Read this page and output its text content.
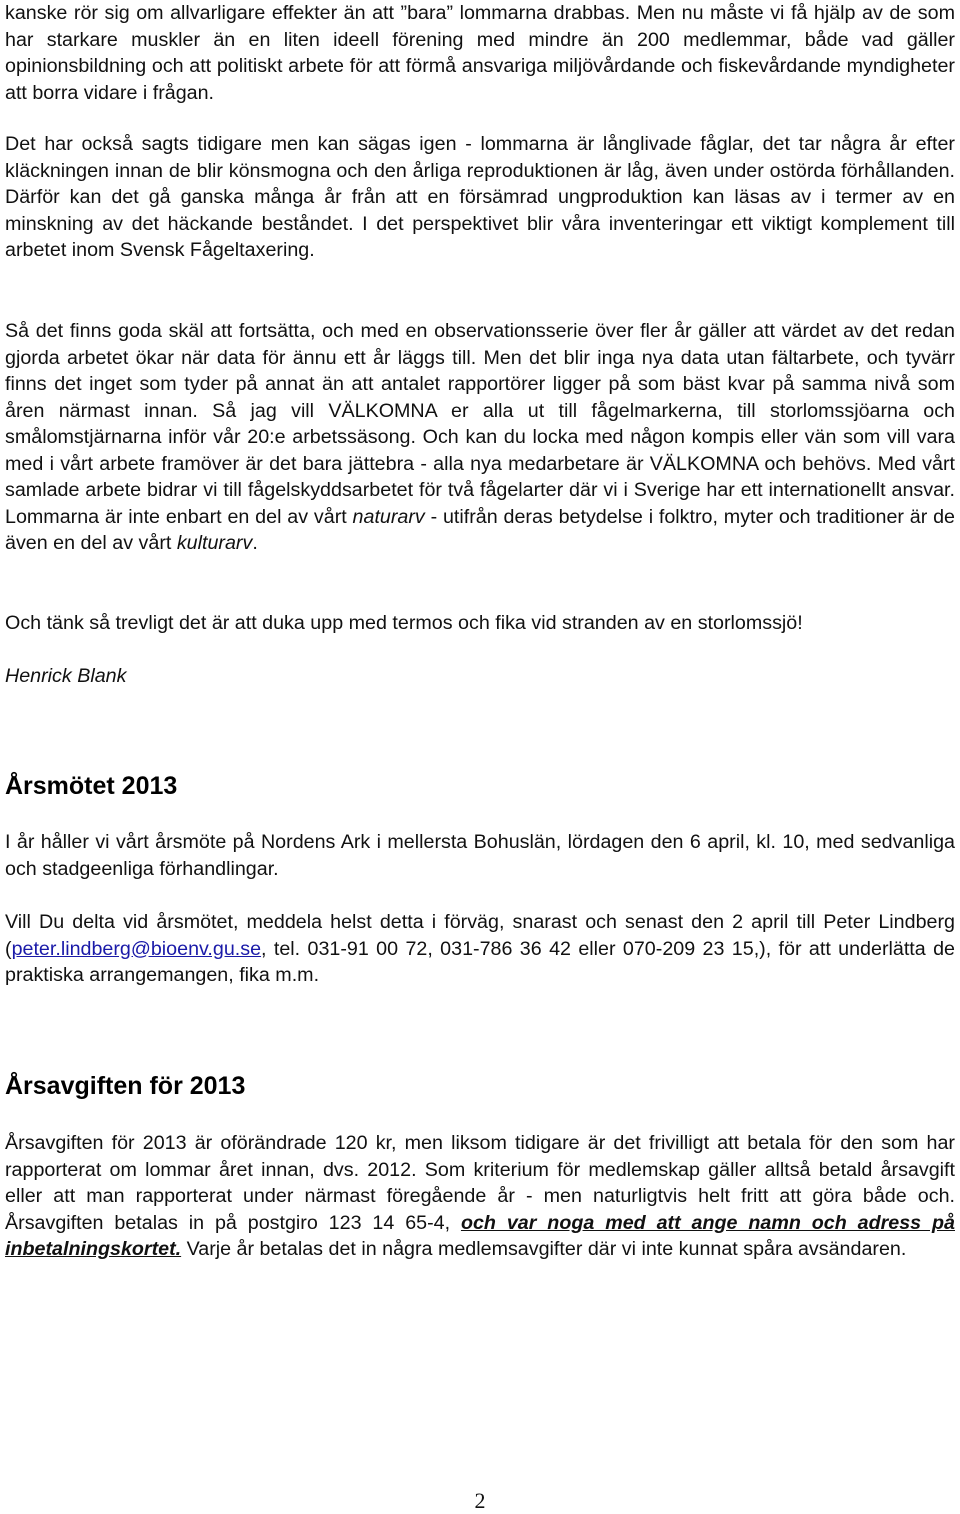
kanske rör sig om allvarligare effekter än att ”bara” lommarna drabbas. Men nu måste vi få hjälp av de som har starkare muskler än en liten ideell förening med mindre än 200 medlemmar, både vad gäller opinionsbildning och att politiskt arbete för att förmå ansvariga miljövårdande och fiskevårdande myndigheter att borra vidare i frågan.

Det har också sagts tidigare men kan sägas igen - lommarna är långlivade fåglar, det tar några år efter kläckningen innan de blir könsmogna och den årliga reproduktionen är låg, även under ostörda förhållanden. Därför kan det gå ganska många år från att en försämrad ungproduktion kan läsas av i termer av en minskning av det häckande beståndet. I det perspektivet blir våra inventeringar ett viktigt komplement till arbetet inom Svensk Fågeltaxering.

Så det finns goda skäl att fortsätta, och med en observationsserie över fler år gäller att värdet av det redan gjorda arbetet ökar när data för ännu ett år läggs till. Men det blir inga nya data utan fältarbete, och tyvärr finns det inget som tyder på annat än att antalet rapportörer ligger på som bäst kvar på samma nivå som åren närmast innan. Så jag vill VÄLKOMNA er alla ut till fågelmarkerna, till storlomssjöarna och smålomstjärnarna inför vår 20:e arbetssäsong. Och kan du locka med någon kompis eller vän som vill vara med i vårt arbete framöver är det bara jättebra - alla nya medarbetare är VÄLKOMNA och behövs. Med vårt samlade arbete bidrar vi till fågelskyddsarbetet för två fågelarter där vi i Sverige har ett internationellt ansvar. Lommarna är inte enbart en del av vårt naturarv - utifrån deras betydelse i folktro, myter och traditioner är de även en del av vårt kulturarv.

Och tänk så trevligt det är att duka upp med termos och fika vid stranden av en storlomssjö!

Henrick Blank

Årsmötet 2013

I år håller vi vårt årsmöte på Nordens Ark i mellersta Bohuslän, lördagen den 6 april, kl. 10, med sedvanliga och stadgeenliga förhandlingar.

Vill Du delta vid årsmötet, meddela helst detta i förväg, snarast och senast den 2 april till Peter Lindberg (peter.lindberg@bioenv.gu.se, tel. 031-91 00 72, 031-786 36 42 eller 070-209 23 15,), för att underlätta de praktiska arrangemangen, fika m.m.

Årsavgiften för 2013

Årsavgiften för 2013 är oförändrade 120 kr, men liksom tidigare är det frivilligt att betala för den som har rapporterat om lommar året innan, dvs. 2012. Som kriterium för medlemskap gäller alltså betald årsavgift eller att man rapporterat under närmast föregående år - men naturligtvis helt fritt att göra både och. Årsavgiften betalas in på postgiro 123 14 65-4, och var noga med att ange namn och adress på inbetalningskortet. Varje år betalas det in några medlemsavgifter där vi inte kunnat spåra avsändaren.

2
